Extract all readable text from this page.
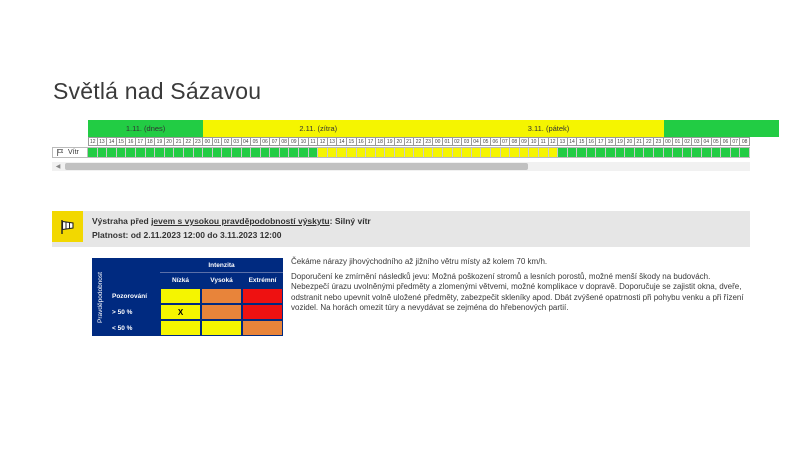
Světlá nad Sázavou
1.11. (dnes)	2.11. (zítra)	3.11. (pátek)
12 13 14 15 16 17 18 19 20 21 22 23 00 01 02 03 04 05 06 07 08 09 10 11 12 13 14 15 16 17 18 19 20 21 22 23 00 01 02 03 04 05 06 07 08 09 10 11 12 13 14 15 16 17 18 19 20 21 22 23 00 01 02 03 04 05 06 07 08
Vítr
◀
Výstraha před jevem s vysokou pravděpodobností výskytu: Silný vítr
Platnost: od 2.11.2023 12:00 do 3.11.2023 12:00
Pravděpodobnost
Intenzita
Nízká	Vysoká	Extrémní
Pozorování
> 50 %	X
< 50 %

Čekáme nárazy jihovýchodního až jižního větru místy až kolem 70 km/h.

Doporučení ke zmírnění následků jevu: Možná poškození stromů a lesních porostů, možné menší škody na budovách. Nebezpečí úrazu uvolněnými předměty a zlomenými větvemi, možné komplikace v dopravě. Doporučuje se zajistit okna, dveře, odstranit nebo upevnit volně uložené předměty, zabezpečit skleníky apod. Dbát zvýšené opatrnosti při pohybu venku a při řízení vozidel. Na horách omezit túry a nevydávat se zejména do hřebenových partií.
